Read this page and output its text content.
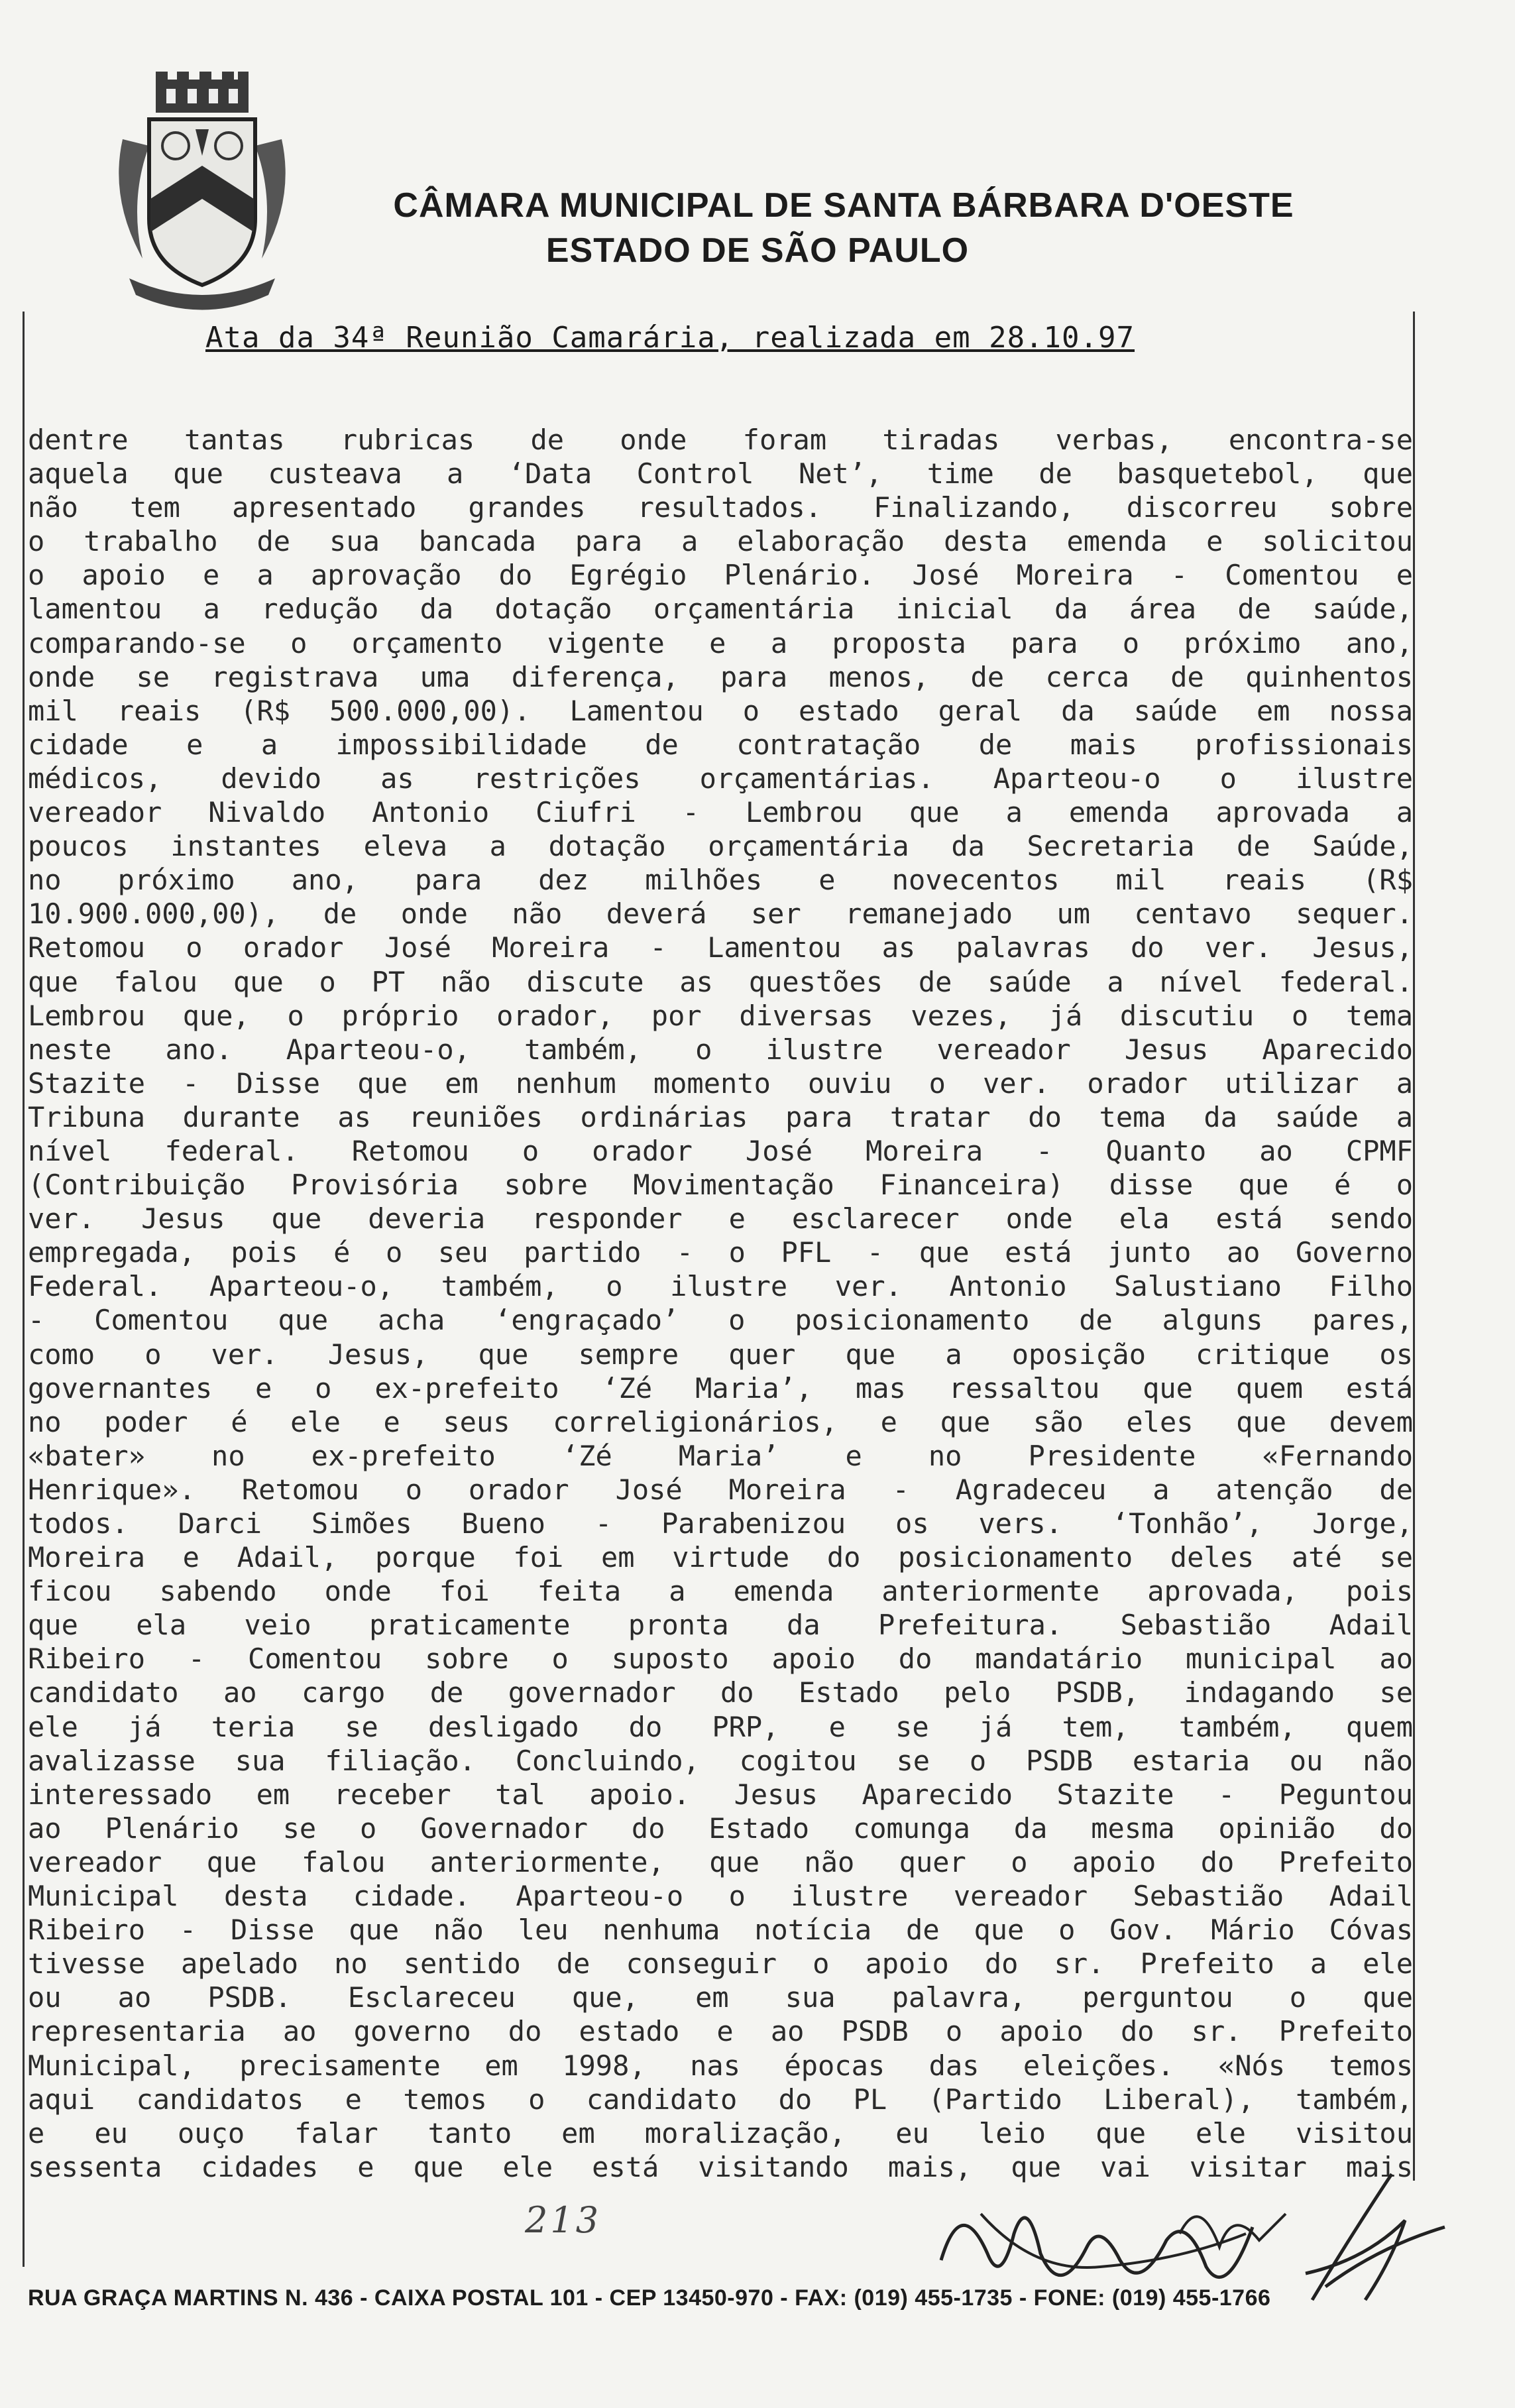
CÂMARA MUNICIPAL DE SANTA BÁRBARA D'OESTE
ESTADO DE SÃO PAULO
Ata da 34ª Reunião Camarária, realizada em 28.10.97
dentre tantas rubricas de onde foram tiradas verbas, encontra-se
aquela que custeava a ‘Data Control Net’, time de basquetebol, que
não tem apresentado grandes resultados. Finalizando, discorreu sobre
o trabalho de sua bancada para a elaboração desta emenda e solicitou
o apoio e a aprovação do Egrégio Plenário. José Moreira - Comentou e
lamentou a redução da dotação orçamentária inicial da área de saúde,
comparando-se o orçamento vigente e a proposta para o próximo ano,
onde se registrava uma diferença, para menos, de cerca de quinhentos
mil reais (R$ 500.000,00). Lamentou o estado geral da saúde em nossa
cidade e a impossibilidade de contratação de mais profissionais
médicos, devido as restrições orçamentárias. Aparteou-o o ilustre
vereador Nivaldo Antonio Ciufri - Lembrou que a emenda aprovada a
poucos instantes eleva a dotação orçamentária da Secretaria de Saúde,
no próximo ano, para dez milhões e novecentos mil reais (R$
10.900.000,00), de onde não deverá ser remanejado um centavo sequer.
Retomou o orador José Moreira - Lamentou as palavras do ver. Jesus,
que falou que o PT não discute as questões de saúde a nível federal.
Lembrou que, o próprio orador, por diversas vezes, já discutiu o tema
neste ano. Aparteou-o, também, o ilustre vereador Jesus Aparecido
Stazite - Disse que em nenhum momento ouviu o ver. orador utilizar a
Tribuna durante as reuniões ordinárias para tratar do tema da saúde a
nível federal. Retomou o orador José Moreira - Quanto ao CPMF
(Contribuição Provisória sobre Movimentação Financeira) disse que é o
ver. Jesus que deveria responder e esclarecer onde ela está sendo
empregada, pois é o seu partido - o PFL - que está junto ao Governo
Federal. Aparteou-o, também, o ilustre ver. Antonio Salustiano Filho
- Comentou que acha ‘engraçado’ o posicionamento de alguns pares,
como o ver. Jesus, que sempre quer que a oposição critique os
governantes e o ex-prefeito ‘Zé Maria’, mas ressaltou que quem está
no poder é ele e seus correligionários, e que são eles que devem
«bater» no ex-prefeito ‘Zé Maria’ e no Presidente «Fernando
Henrique». Retomou o orador José Moreira - Agradeceu a atenção de
todos. Darci Simões Bueno - Parabenizou os vers. ‘Tonhão’, Jorge,
Moreira e Adail, porque foi em virtude do posicionamento deles até se
ficou sabendo onde foi feita a emenda anteriormente aprovada, pois
que ela veio praticamente pronta da Prefeitura. Sebastião Adail
Ribeiro - Comentou sobre o suposto apoio do mandatário municipal ao
candidato ao cargo de governador do Estado pelo PSDB, indagando se
ele já teria se desligado do PRP, e se já tem, também, quem
avalizasse sua filiação. Concluindo, cogitou se o PSDB estaria ou não
interessado em receber tal apoio. Jesus Aparecido Stazite - Peguntou
ao Plenário se o Governador do Estado comunga da mesma opinião do
vereador que falou anteriormente, que não quer o apoio do Prefeito
Municipal desta cidade. Aparteou-o o ilustre vereador Sebastião Adail
Ribeiro - Disse que não leu nenhuma notícia de que o Gov. Mário Cóvas
tivesse apelado no sentido de conseguir o apoio do sr. Prefeito a ele
ou ao PSDB. Esclareceu que, em sua palavra, perguntou o que
representaria ao governo do estado e ao PSDB o apoio do sr. Prefeito
Municipal, precisamente em 1998, nas épocas das eleições. «Nós temos
aqui candidatos e temos o candidato do PL (Partido Liberal), também,
e eu ouço falar tanto em moralização, eu leio que ele visitou
sessenta cidades e que ele está visitando mais, que vai visitar mais
213
RUA GRAÇA MARTINS N. 436 - CAIXA POSTAL 101 - CEP 13450-970 - FAX: (019) 455-1735 - FONE: (019) 455-1766
